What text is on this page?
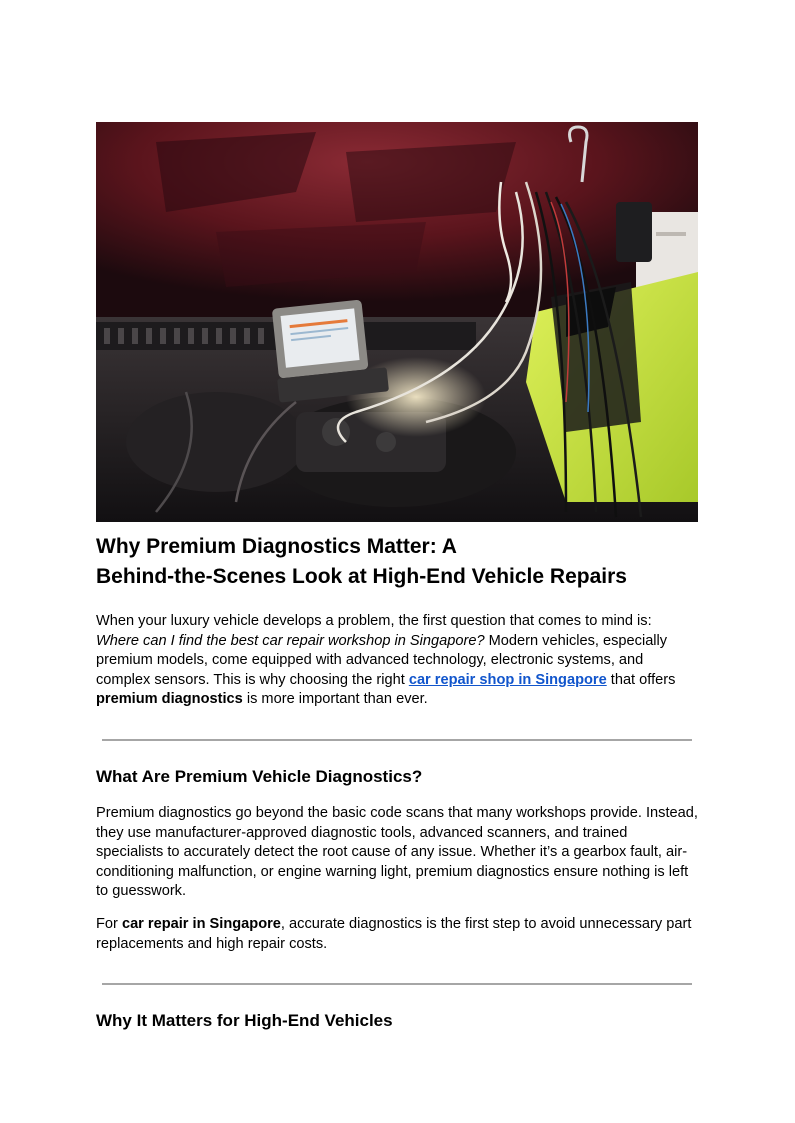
Why Premium Diagnostics Matter: A
Behind-the-Scenes Look at High-End Vehicle Repairs

When your luxury vehicle develops a problem, the first question that comes to mind is: Where can I find the best car repair workshop in Singapore? Modern vehicles, especially premium models, come equipped with advanced technology, electronic systems, and complex sensors. This is why choosing the right car repair shop in Singapore that offers premium diagnostics is more important than ever.

What Are Premium Vehicle Diagnostics?

Premium diagnostics go beyond the basic code scans that many workshops provide. Instead, they use manufacturer-approved diagnostic tools, advanced scanners, and trained specialists to accurately detect the root cause of any issue. Whether it’s a gearbox fault, air-conditioning malfunction, or engine warning light, premium diagnostics ensure nothing is left to guesswork.

For car repair in Singapore, accurate diagnostics is the first step to avoid unnecessary part replacements and high repair costs.

Why It Matters for High-End Vehicles
